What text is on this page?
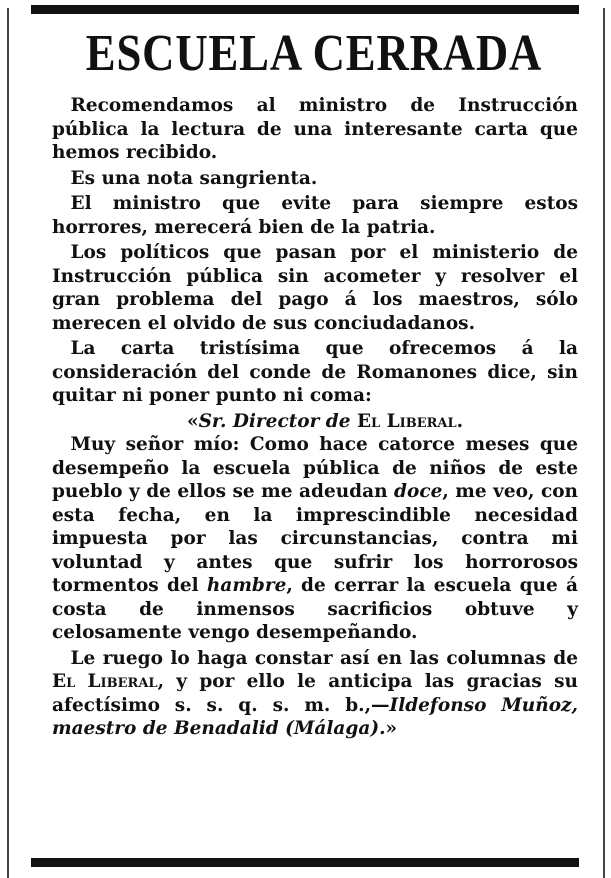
ESCUELA CERRADA

 Recomendamos al ministro de Instrucción pública la lectura de una interesante carta que hemos recibido.

 Es una nota sangrienta.

 El ministro que evite para siempre estos horrores, merecerá bien de la patria.

 Los políticos que pasan por el ministerio de Instrucción pública sin acometer y resolver el gran problema del pago á los maestros, sólo merecen el olvido de sus conciudadanos.

 La carta tristísima que ofrecemos á la consideración del conde de Romanones dice, sin quitar ni poner punto ni coma:

«Sr. Director de El Liberal.

 Muy señor mío: Como hace catorce meses que desempeño la escuela pública de niños de este pueblo y de ellos se me adeudan doce, me veo, con esta fecha, en la imprescindible necesidad impuesta por las circunstancias, contra mi voluntad y antes que sufrir los horrorosos tormentos del hambre, de cerrar la escuela que á costa de inmensos sacrificios obtuve y celosamente vengo desempeñando.

 Le ruego lo haga constar así en las columnas de El Liberal, y por ello le anticipa las gracias su afectísimo s. s. q. s. m. b.,—Ildefonso Muñoz, maestro de Benadalid (Málaga).»
